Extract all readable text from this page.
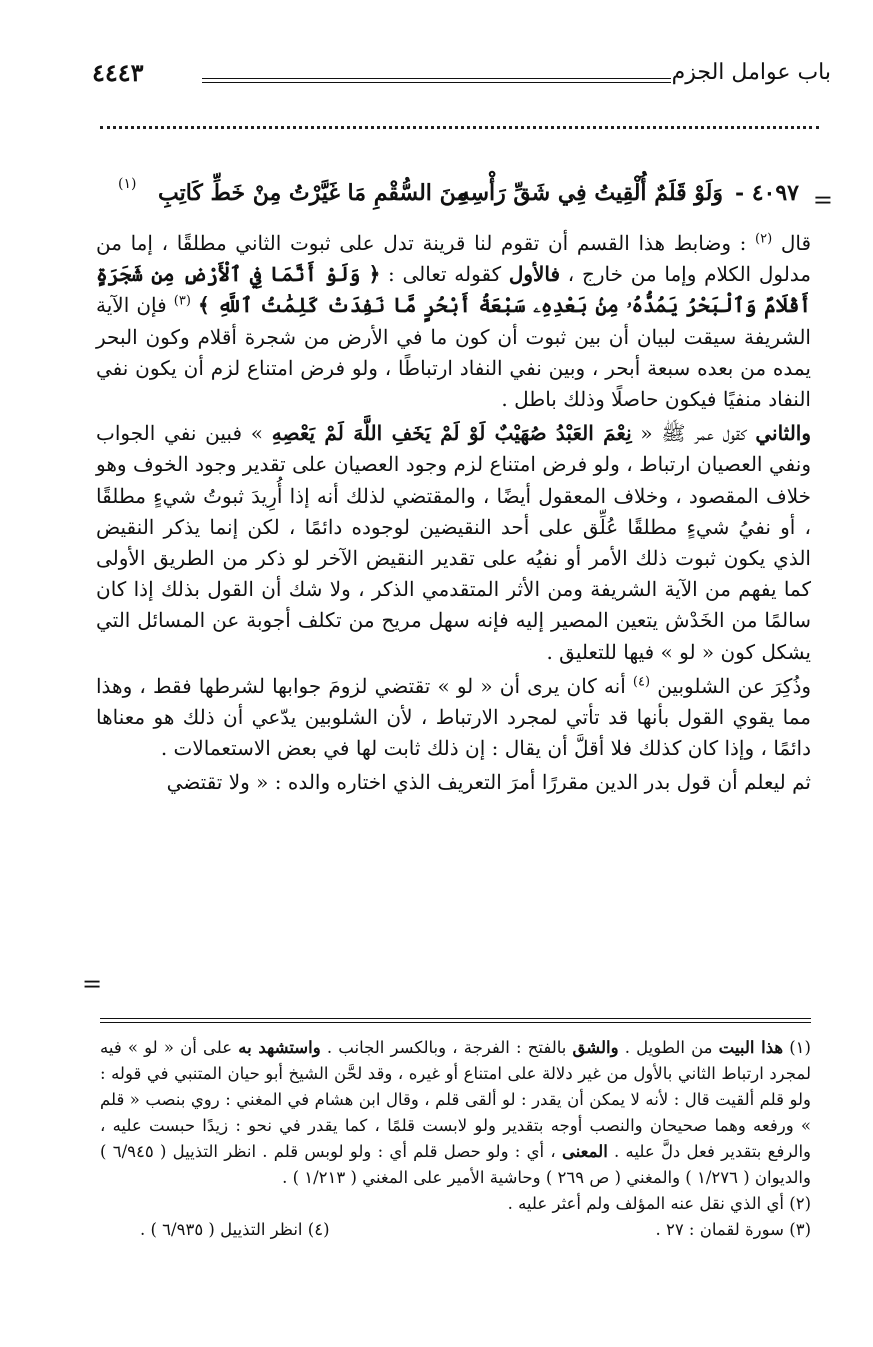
باب عوامل الجزم
٤٤٤٣
=
٤٠٩٧ -
وَلَوْ قَلَمٌ أُلْقِيتُ فِي شَقِّ رَأْسِهِ
مِنَ السُّقْمِ مَا غَيَّرْتُ مِنْ خَطِّ كَاتِبِ
(١)

قال $^{(٢)}$ : وضابط هذا القسم أن تقوم لنا قرينة تدل على ثبوت الثاني مطلقًا ، إما من مدلول الكلام وإما من خارج ، فالأول كقوله تعالى : ﴿ وَلَوْ أَنَّمَا فِي ٱلْأَرْضِ مِن شَجَرَةٍ أَقْلَامٌ وَٱلْبَحْرُ يَمُدُّهُۥ مِنۢ بَعْدِهِۦ سَبْعَةُ أَبْحُرٍ مَّا نَفِدَتْ كَلِمَٰتُ ٱللَّهِ ﴾ $^{(٣)}$ فإن الآية الشريفة سيقت لبيان أن بين ثبوت أن كون ما في الأرض من شجرة أقلام وكون البحر يمده من بعده سبعة أبحر ، وبين نفي النفاد ارتباطًا ، ولو فرض امتناع لزم أن يكون نفي النفاد منفيًا فيكون حاصلًا وذلك باطل .

والثاني كقول عمر ﷺ « نِعْمَ العَبْدُ صُهَيْبٌ لَوْ لَمْ يَخَفِ اللَّهَ لَمْ يَعْصِهِ » فبين نفي الجواب ونفي العصيان ارتباط ، ولو فرض امتناع لزم وجود العصيان على تقدير وجود الخوف وهو خلاف المقصود ، وخلاف المعقول أيضًا ، والمقتضي لذلك أنه إذا أُرِيدَ ثبوتُ شيءٍ مطلقًا ، أو نفيُ شيءٍ مطلقًا عُلِّق على أحد النقيضين لوجوده دائمًا ، لكن إنما يذكر النقيض الذي يكون ثبوت ذلك الأمر أو نفيُه على تقدير النقيض الآخر لو ذكر من الطريق الأولى كما يفهم من الآية الشريفة ومن الأثر المتقدمي الذكر ، ولا شك أن القول بذلك إذا كان سالمًا من الخَدْش يتعين المصير إليه فإنه سهل مريح من تكلف أجوبة عن المسائل التي يشكل كون « لو » فيها للتعليق .

وذُكِرَ عن الشلوبين $^{(٤)}$ أنه كان يرى أن « لو » تقتضي لزومَ جوابها لشرطها فقط ، وهذا مما يقوي القول بأنها قد تأتي لمجرد الارتباط ، لأن الشلوبين يدّعي أن ذلك هو معناها دائمًا ، وإذا كان كذلك فلا أقلَّ أن يقال : إن ذلك ثابت لها في بعض الاستعمالات .

ثم ليعلم أن قول بدر الدين مقررًا أمرَ التعريف الذي اختاره والده : « ولا تقتضي

=

(١) هذا البيت من الطويل . والشق بالفتح : الفرجة ، وبالكسر الجانب . واستشهد به على أن « لو » فيه لمجرد ارتباط الثاني بالأول من غير دلالة على امتناع أو غيره ، وقد لحَّن الشيخ أبو حيان المتنبي في قوله : ولو قلم ألقيت قال : لأنه لا يمكن أن يقدر : لو ألقى قلم ، وقال ابن هشام في المغني : روي بنصب « قلم » ورفعه وهما صحيحان والنصب أوجه بتقدير ولو لابست قلمًا ، كما يقدر في نحو : زيدًا حبست عليه ، والرفع بتقدير فعل دلَّ عليه . المعنى ، أي : ولو حصل قلم أي : ولو لوبس قلم . انظر التذييل ( ٦/٩٤٥ ) والديوان ( ١/٢٧٦ ) والمغني ( ص ٢٦٩ ) وحاشية الأمير على المغني ( ١/٢١٣ ) .

(٢) أي الذي نقل عنه المؤلف ولم أعثر عليه .

(٣) سورة لقمان : ٢٧ .
(٤) انظر التذييل ( ٦/٩٣٥ ) .
